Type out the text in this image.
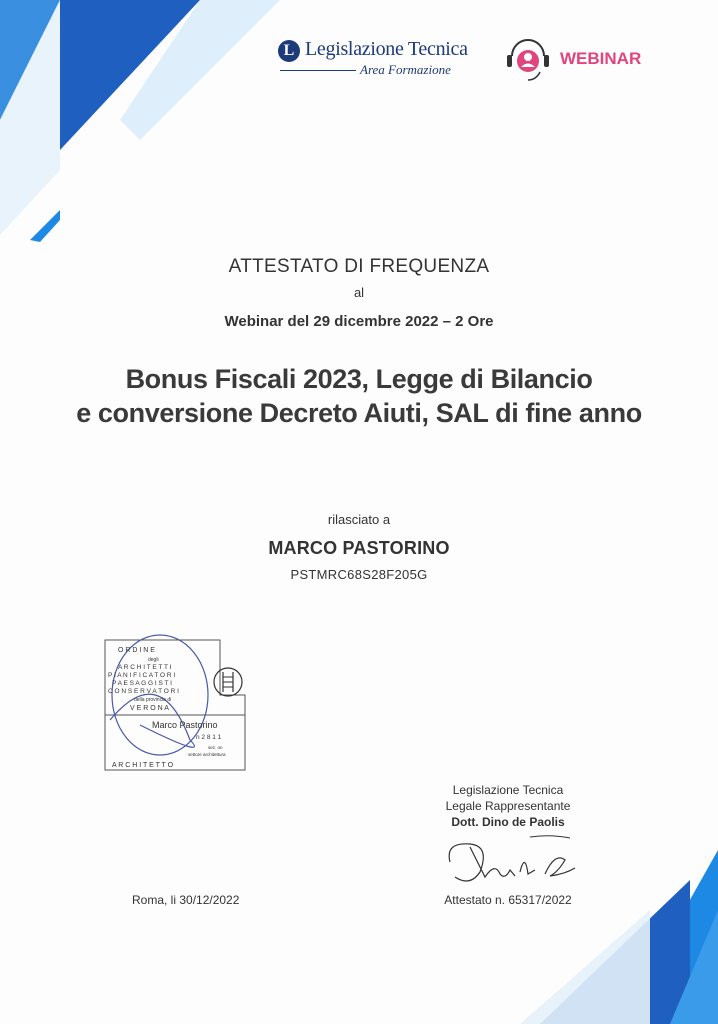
L Legislazione Tecnica
Area Formazione
WEBINAR
ATTESTATO DI FREQUENZA
al
Webinar del 29 dicembre 2022 – 2 Ore
Bonus Fiscali 2023, Legge di Bilancio
e conversione Decreto Aiuti, SAL di fine anno
rilasciato a
MARCO PASTORINO
PSTMRC68S28F205G
O R D I N E
degli
A R C H I T E T T I
P I A N I F I C A T O R I
P A E S A G G I S T I
C O N S E R V A T O R I
della provincia di
V E R O N A
Marco Pastorino
n 2 8 1 1
sez. on
settore architettura
A R C H I T E T T O
Legislazione Tecnica
Legale Rappresentante
Dott. Dino de Paolis
Attestato n. 65317/2022
Roma, li 30/12/2022
